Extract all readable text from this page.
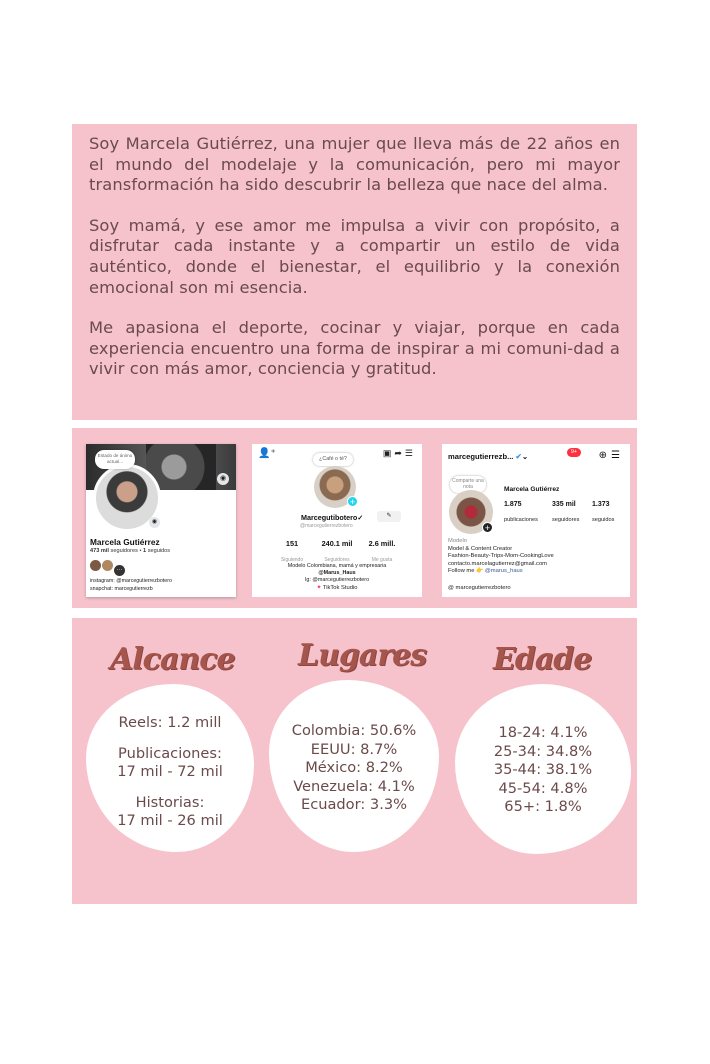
Soy Marcela Gutiérrez, una mujer que lleva más de 22 años en el mundo del modelaje y la comunicación, pero mi mayor transformación ha sido descubrir la belleza que nace del alma.

Soy mamá, y ese amor me impulsa a vivir con propósito, a disfrutar cada instante y a compartir un estilo de vida auténtico, donde el bienestar, el equilibrio y la conexión emocional son mi esencia.

Me apasiona el deporte, cocinar y viajar, porque en cada experiencia encuentro una forma de inspirar a mi comuni-dad a vivir con más amor, conciencia y gratitud.

Estado de ánimo actual...
◉
◉
Marcela Gutiérrez
473 mil seguidores • 1 seguidos
···
instagram: @marcegutierrezbotero
snapchat: marcegutierrezb
👤⁺	▣➦☰
¿Café o té?
+
Marcegutibotero✓	✎
@marcegutierrezbotero
151
Siguiendo
240.1 mil
Seguidores
2.6 mill.
Me gusta
Modelo Colombiana, mamá y empresaria
@Marus_Haus
Ig: @marcegutierrezbotero
✦ TikTok Studio
marcegutierrezb... ✔⌄	9+	⊕☰
Comparte una nota
+
Marcela Gutiérrez
1.875
publicaciones
335 mil
seguidores
1.373
seguidos
Modelo
Model & Content Creator
Fashion-Beauty-Trips-Mom-CookingLove
contacto.marcelagutierrez@gmail.com
Follow me 👉 @marus_haus
@ marcegutierrezbotero
Alcance Lugares Edade
Reels: 1.2 mill
Publicaciones:
17 mil - 72 mil
Historias:
17 mil - 26 mil
Colombia: 50.6%
EEUU: 8.7%
México: 8.2%
Venezuela: 4.1%
Ecuador: 3.3%
18-24: 4.1%
25-34: 34.8%
35-44: 38.1%
45-54: 4.8%
65+: 1.8%
